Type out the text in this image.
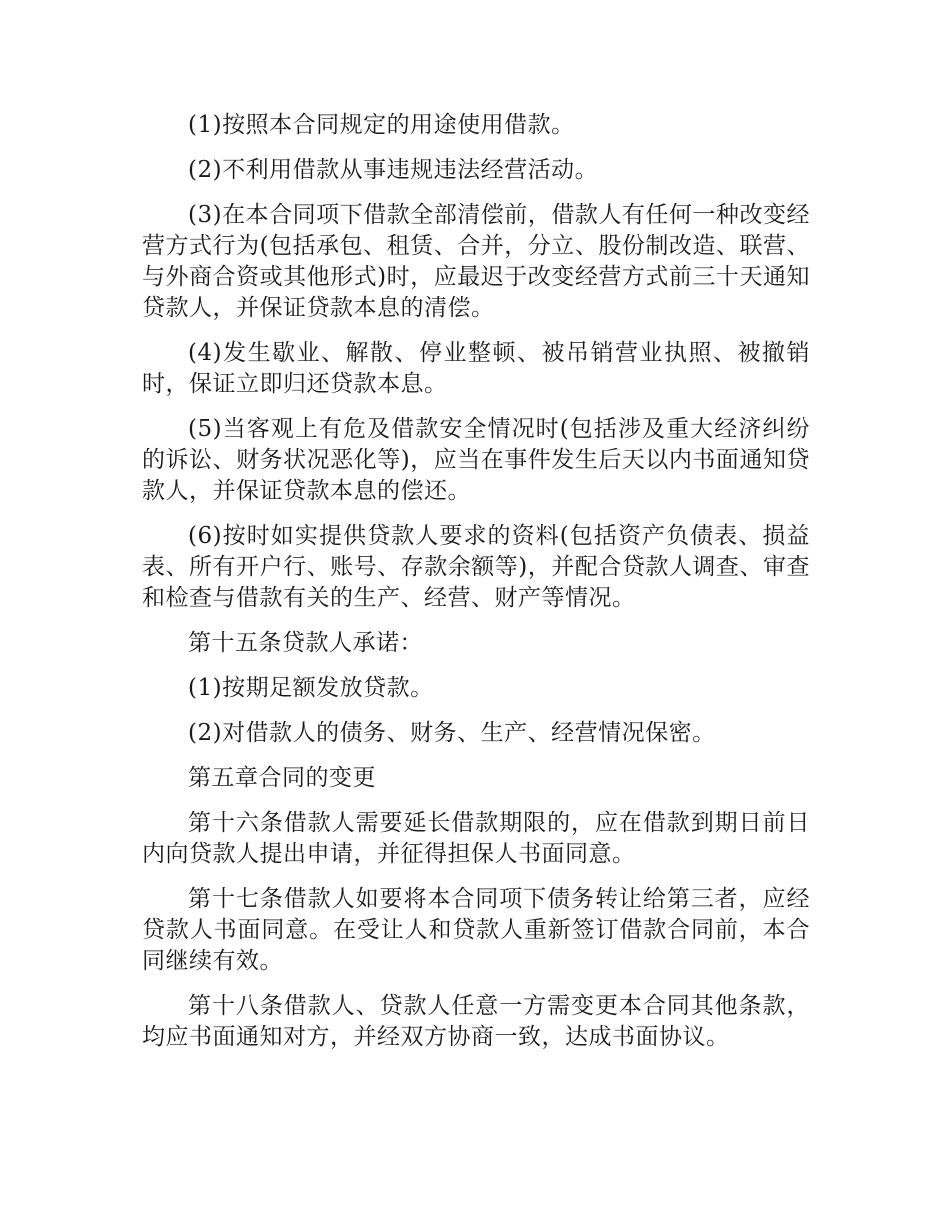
(1)按照本合同规定的用途使用借款。

(2)不利用借款从事违规违法经营活动。

(3)在本合同项下借款全部清偿前，借款人有任何一种改变经营方式行为(包括承包、租赁、合并，分立、股份制改造、联营、与外商合资或其他形式)时，应最迟于改变经营方式前三十天通知贷款人，并保证贷款本息的清偿。

(4)发生歇业、解散、停业整顿、被吊销营业执照、被撤销时，保证立即归还贷款本息。

(5)当客观上有危及借款安全情况时(包括涉及重大经济纠纷的诉讼、财务状况恶化等)，应当在事件发生后天以内书面通知贷款人，并保证贷款本息的偿还。

(6)按时如实提供贷款人要求的资料(包括资产负债表、损益表、所有开户行、账号、存款余额等)，并配合贷款人调查、审查和检查与借款有关的生产、经营、财产等情况。

第十五条贷款人承诺：

(1)按期足额发放贷款。

(2)对借款人的债务、财务、生产、经营情况保密。

第五章合同的变更

第十六条借款人需要延长借款期限的，应在借款到期日前日内向贷款人提出申请，并征得担保人书面同意。

第十七条借款人如要将本合同项下债务转让给第三者，应经贷款人书面同意。在受让人和贷款人重新签订借款合同前，本合同继续有效。

第十八条借款人、贷款人任意一方需变更本合同其他条款，均应书面通知对方，并经双方协商一致，达成书面协议。
